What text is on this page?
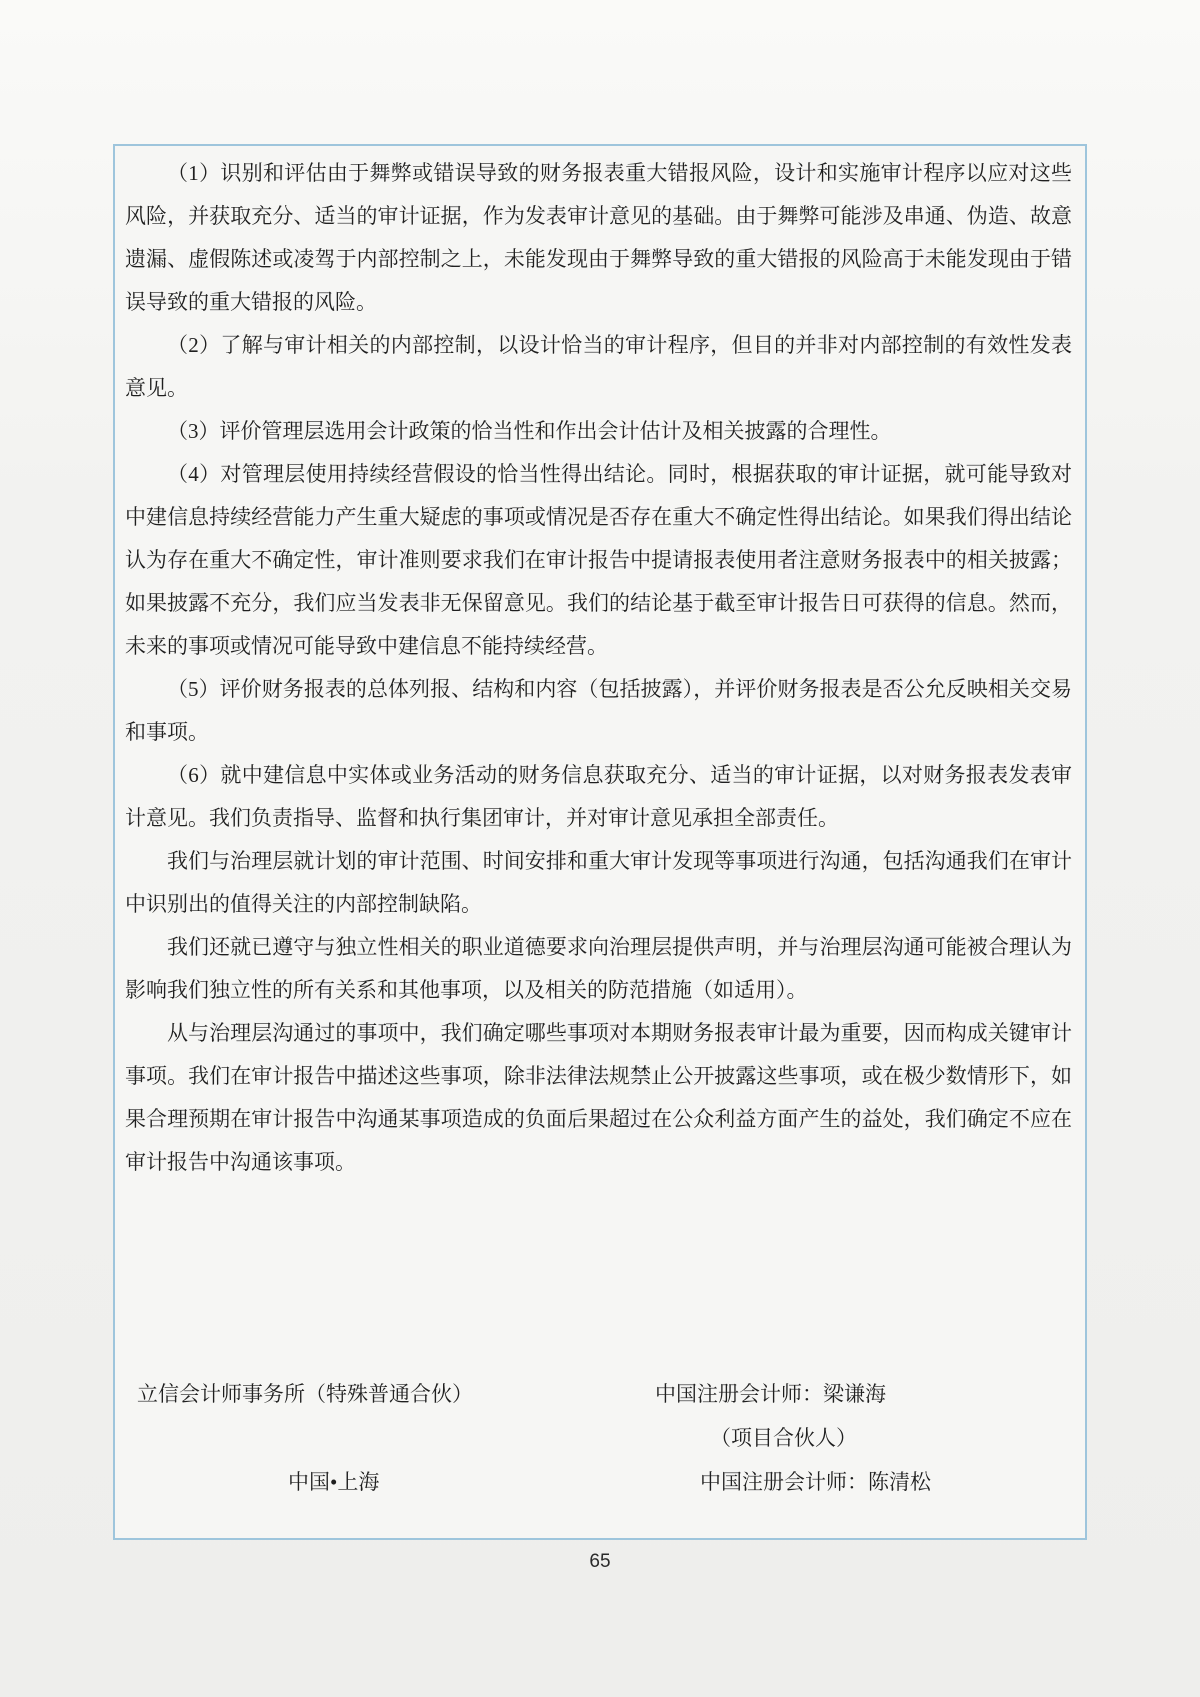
（1）识别和评估由于舞弊或错误导致的财务报表重大错报风险，设计和实施审计程序以应对这些风险，并获取充分、适当的审计证据，作为发表审计意见的基础。由于舞弊可能涉及串通、伪造、故意遗漏、虚假陈述或凌驾于内部控制之上，未能发现由于舞弊导致的重大错报的风险高于未能发现由于错误导致的重大错报的风险。

（2）了解与审计相关的内部控制，以设计恰当的审计程序，但目的并非对内部控制的有效性发表意见。

（3）评价管理层选用会计政策的恰当性和作出会计估计及相关披露的合理性。

（4）对管理层使用持续经营假设的恰当性得出结论。同时，根据获取的审计证据，就可能导致对中建信息持续经营能力产生重大疑虑的事项或情况是否存在重大不确定性得出结论。如果我们得出结论认为存在重大不确定性，审计准则要求我们在审计报告中提请报表使用者注意财务报表中的相关披露；如果披露不充分，我们应当发表非无保留意见。我们的结论基于截至审计报告日可获得的信息。然而，未来的事项或情况可能导致中建信息不能持续经营。

（5）评价财务报表的总体列报、结构和内容（包括披露），并评价财务报表是否公允反映相关交易和事项。

（6）就中建信息中实体或业务活动的财务信息获取充分、适当的审计证据，以对财务报表发表审计意见。我们负责指导、监督和执行集团审计，并对审计意见承担全部责任。

我们与治理层就计划的审计范围、时间安排和重大审计发现等事项进行沟通，包括沟通我们在审计中识别出的值得关注的内部控制缺陷。

我们还就已遵守与独立性相关的职业道德要求向治理层提供声明，并与治理层沟通可能被合理认为影响我们独立性的所有关系和其他事项，以及相关的防范措施（如适用）。

从与治理层沟通过的事项中，我们确定哪些事项对本期财务报表审计最为重要，因而构成关键审计事项。我们在审计报告中描述这些事项，除非法律法规禁止公开披露这些事项，或在极少数情形下，如果合理预期在审计报告中沟通某事项造成的负面后果超过在公众利益方面产生的益处，我们确定不应在审计报告中沟通该事项。

立信会计师事务所（特殊普通合伙）	中国注册会计师：梁谦海
（项目合伙人）
中国•上海	中国注册会计师：陈清松
65
